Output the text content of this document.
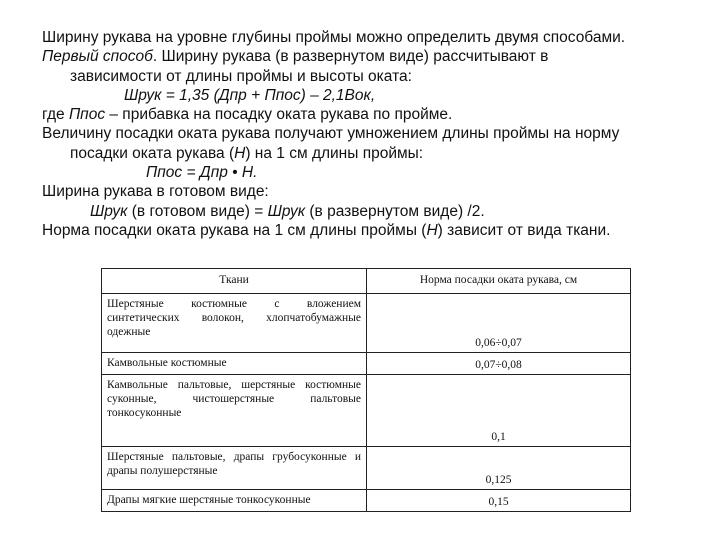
Ширину рукава на уровне глубины проймы можно определить двумя способами.

Первый способ. Ширину рукава (в развернутом виде) рассчитывают в

зависимости от длины проймы и высоты оката:

Шрук = 1,35 (Дпр + Ппос) – 2,1Вок,

где Ппос – прибавка на посадку оката рукава по пройме.

Величину посадки оката рукава получают умножением длины проймы на норму

посадки оката рукава (Н) на 1 см длины проймы:

Ппос = Дпр • Н.

Ширина рукава в готовом виде:

Шрук (в готовом виде) = Шрук (в развернутом виде) /2.

Норма посадки оката рукава на 1 см длины проймы (Н) зависит от вида ткани.

Ткани	Норма посадки оката рукава, см
Шерстяные костюмные с вложением синтетических волокон, хлопчатобумажные одежные	0,06÷0,07
Камвольные костюмные	0,07÷0,08
Камвольные пальтовые, шерстяные костюмные суконные, чистошерстяные пальтовые тонкосуконные	0,1
Шерстяные пальтовые, драпы грубосуконные и драпы полушерстяные	0,125
Драпы мягкие шерстяные тонкосуконные	0,15
